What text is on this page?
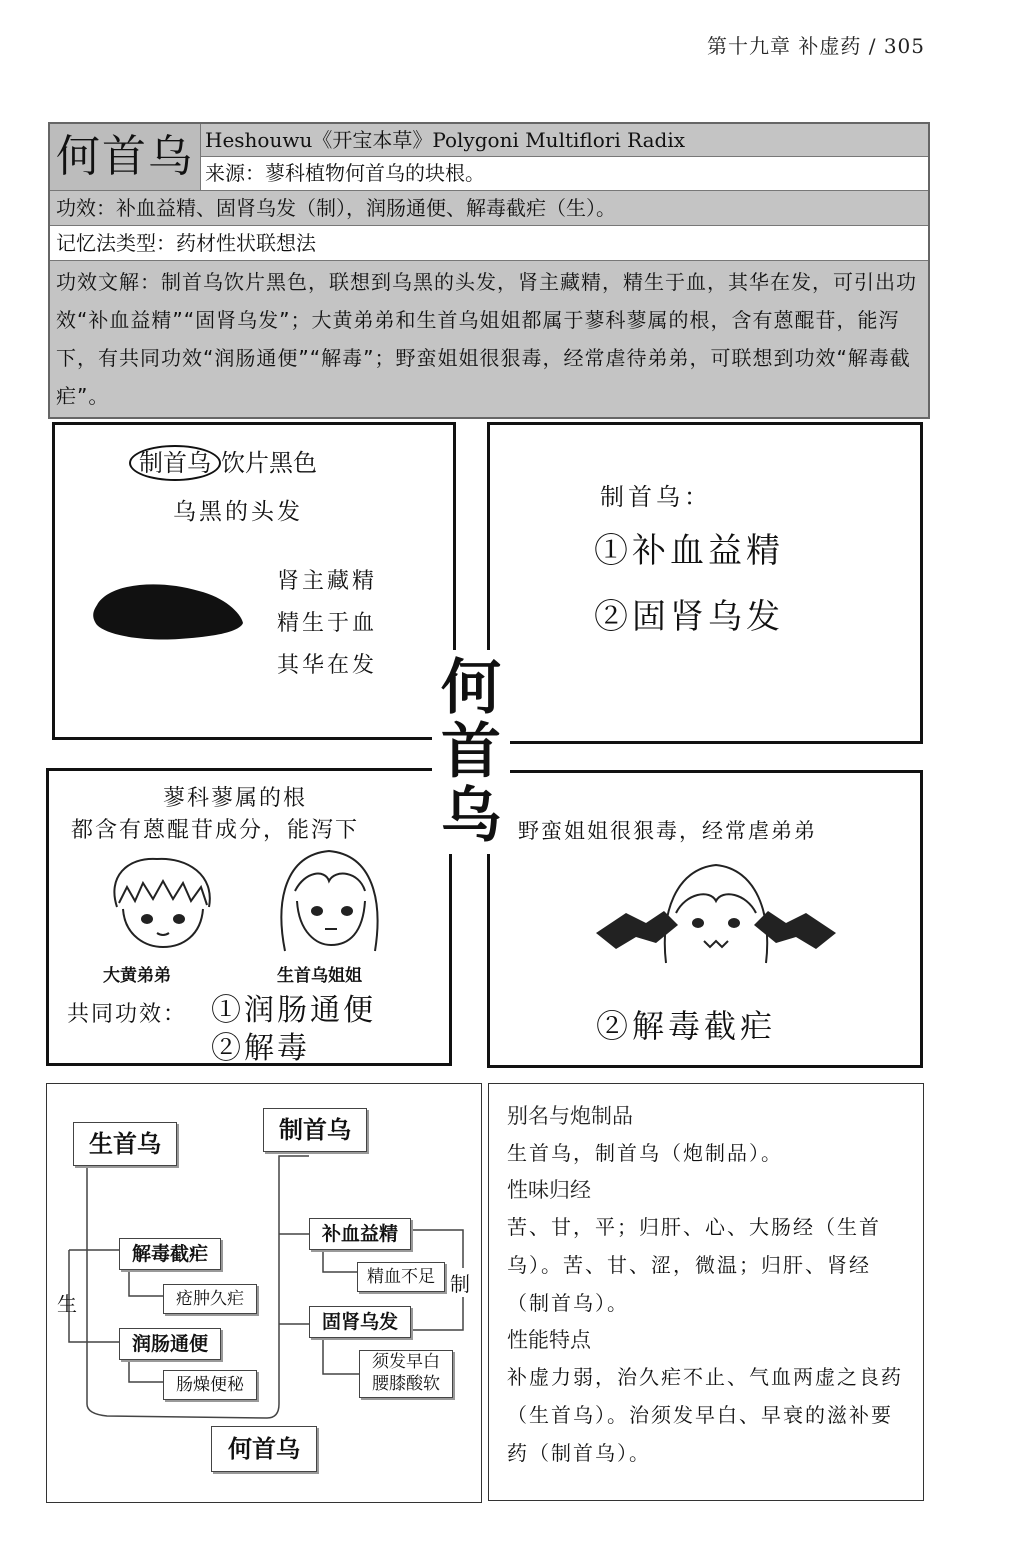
第十九章 补虚药 / 305
何首乌 Heshouwu《开宝本草》Polygoni Multiflori Radix
来源：蓼科植物何首乌的块根。
功效：补血益精、固肾乌发（制），润肠通便、解毒截疟（生）。
记忆法类型：药材性状联想法
功效文解：制首乌饮片黑色，联想到乌黑的头发，肾主藏精，精生于血，其华在发，可引出功效“补血益精”“固肾乌发”；大黄弟弟和生首乌姐姐都属于蓼科蓼属的根，含有蒽醌苷，能泻下，有共同功效“润肠通便”“解毒”；野蛮姐姐很狠毒，经常虐待弟弟，可联想到功效“解毒截疟”。
制首乌 饮片黑色
乌黑的头发
肾主藏精
精生于血
其华在发
制首乌：
①补血益精
②固肾乌发
蓼科蓼属的根
都含有蒽醌苷成分，能泻下
大黄弟弟	生首乌姐姐
共同功效： ①润肠通便
②解毒
野蛮姐姐很狠毒，经常虐弟弟
②解毒截疟
何
首
乌
生首乌	制首乌
生
制
解毒截疟
疮肿久疟
润肠通便
肠燥便秘
补血益精
精血不足
固肾乌发
须发早白
腰膝酸软
何首乌
别名与炮制品
生首乌，制首乌（炮制品）。
性味归经
苦、甘，平；归肝、心、大肠经（生首乌）。苦、甘、涩，微温；归肝、肾经（制首乌）。
性能特点
补虚力弱，治久疟不止、气血两虚之良药（生首乌）。治须发早白、早衰的滋补要药（制首乌）。
